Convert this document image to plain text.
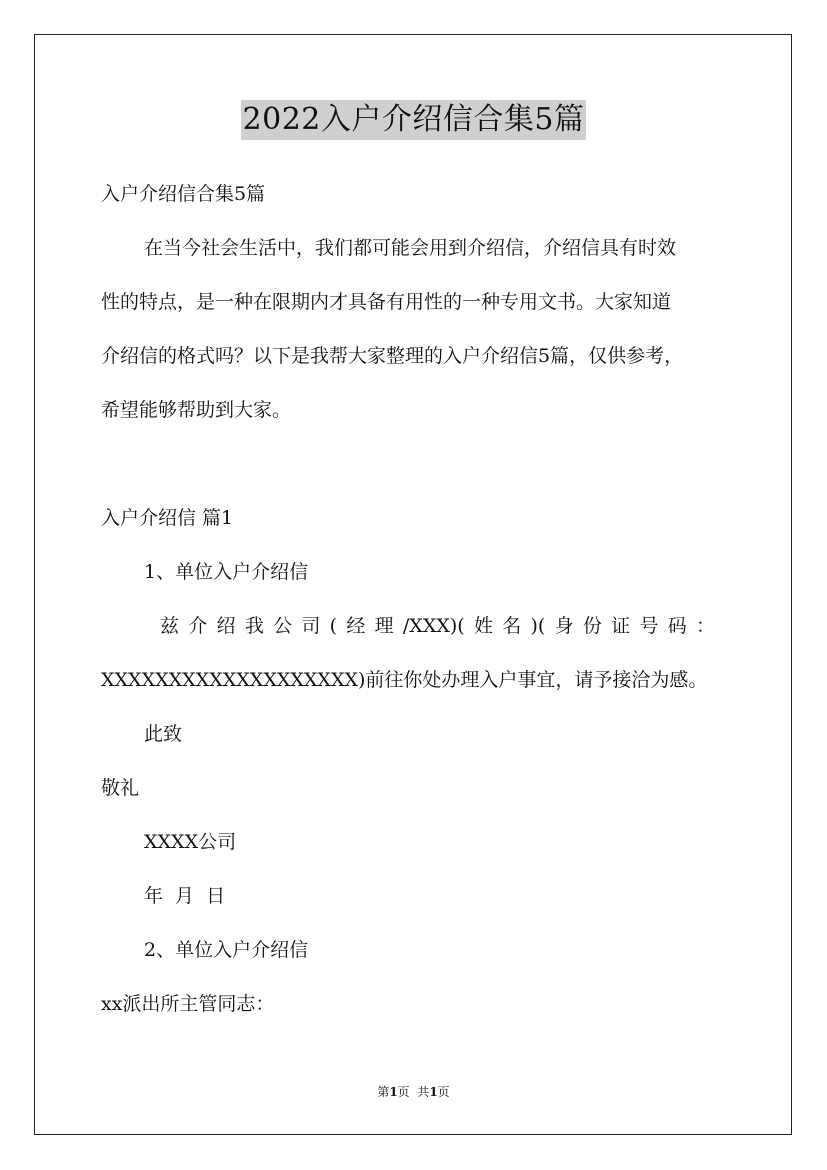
2022入户介绍信合集5篇
入户介绍信合集5篇
在当今社会生活中，我们都可能会用到介绍信，介绍信具有时效
性的特点，是一种在限期内才具备有用性的一种专用文书。大家知道
介绍信的格式吗？以下是我帮大家整理的入户介绍信5篇，仅供参考，
希望能够帮助到大家。
入户介绍信 篇1
1、单位入户介绍信
兹介绍我公司(经理/XXX)(姓名)(身份证号码：
XXXXXXXXXXXXXXXXXXX)前往你处办理入户事宜，请予接洽为感。
此致
敬礼
XXXX公司
年 月 日
2、单位入户介绍信
xx派出所主管同志：
第1页  共1页
